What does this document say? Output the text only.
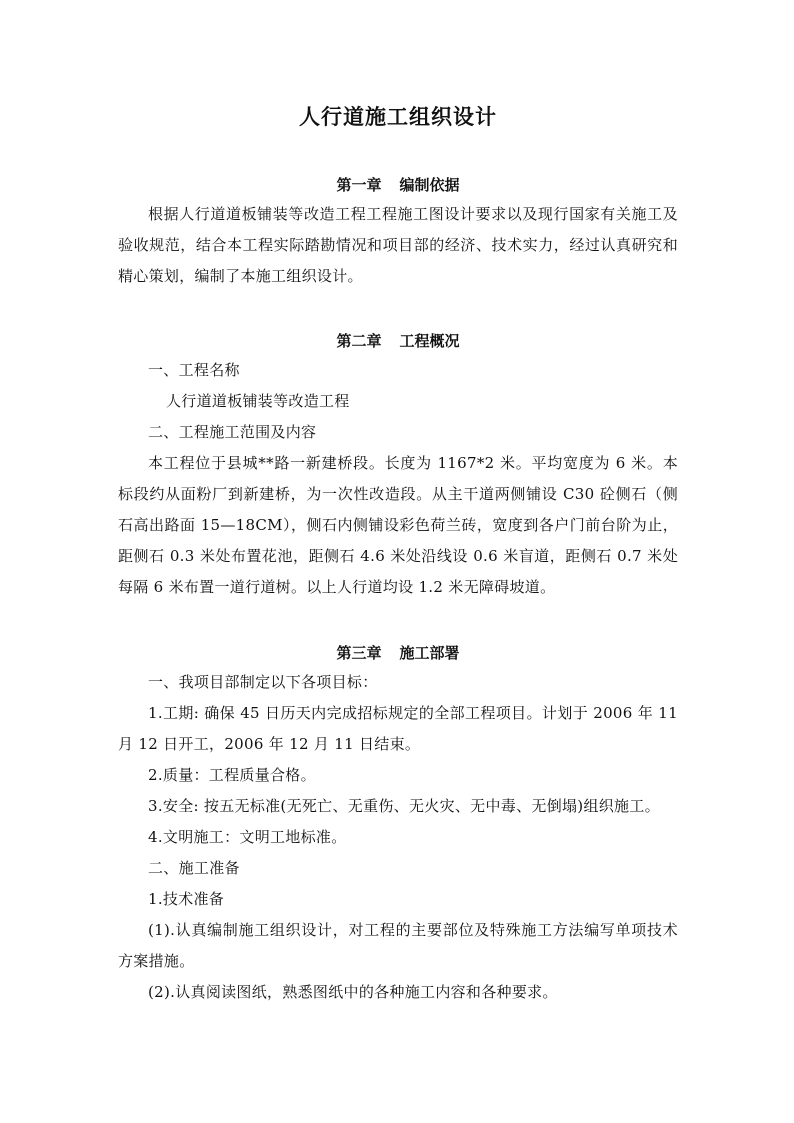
人行道施工组织设计
第一章 编制依据

根据人行道道板铺装等改造工程工程施工图设计要求以及现行国家有关施工及验收规范，结合本工程实际踏勘情况和项目部的经济、技术实力，经过认真研究和精心策划，编制了本施工组织设计。

第二章 工程概况

一、工程名称

人行道道板铺装等改造工程

二、工程施工范围及内容

本工程位于县城**路一新建桥段。长度为 1167*2 米。平均宽度为 6 米。本标段约从面粉厂到新建桥，为一次性改造段。从主干道两侧铺设 C30 砼侧石（侧石高出路面 15—18CM），侧石内侧铺设彩色荷兰砖，宽度到各户门前台阶为止，距侧石 0.3 米处布置花池，距侧石 4.6 米处沿线设 0.6 米盲道，距侧石 0.7 米处每隔 6 米布置一道行道树。以上人行道均设 1.2 米无障碍坡道。

第三章 施工部署

一、我项目部制定以下各项目标：

1.工期: 确保 45 日历天内完成招标规定的全部工程项目。计划于 2006 年 11 月 12 日开工，2006 年 12 月 11 日结束。

2.质量：工程质量合格。

3.安全: 按五无标准(无死亡、无重伤、无火灾、无中毒、无倒塌)组织施工。

4.文明施工：文明工地标准。

二、施工准备

1.技术准备

(1).认真编制施工组织设计，对工程的主要部位及特殊施工方法编写单项技术方案措施。

(2).认真阅读图纸，熟悉图纸中的各种施工内容和各种要求。
